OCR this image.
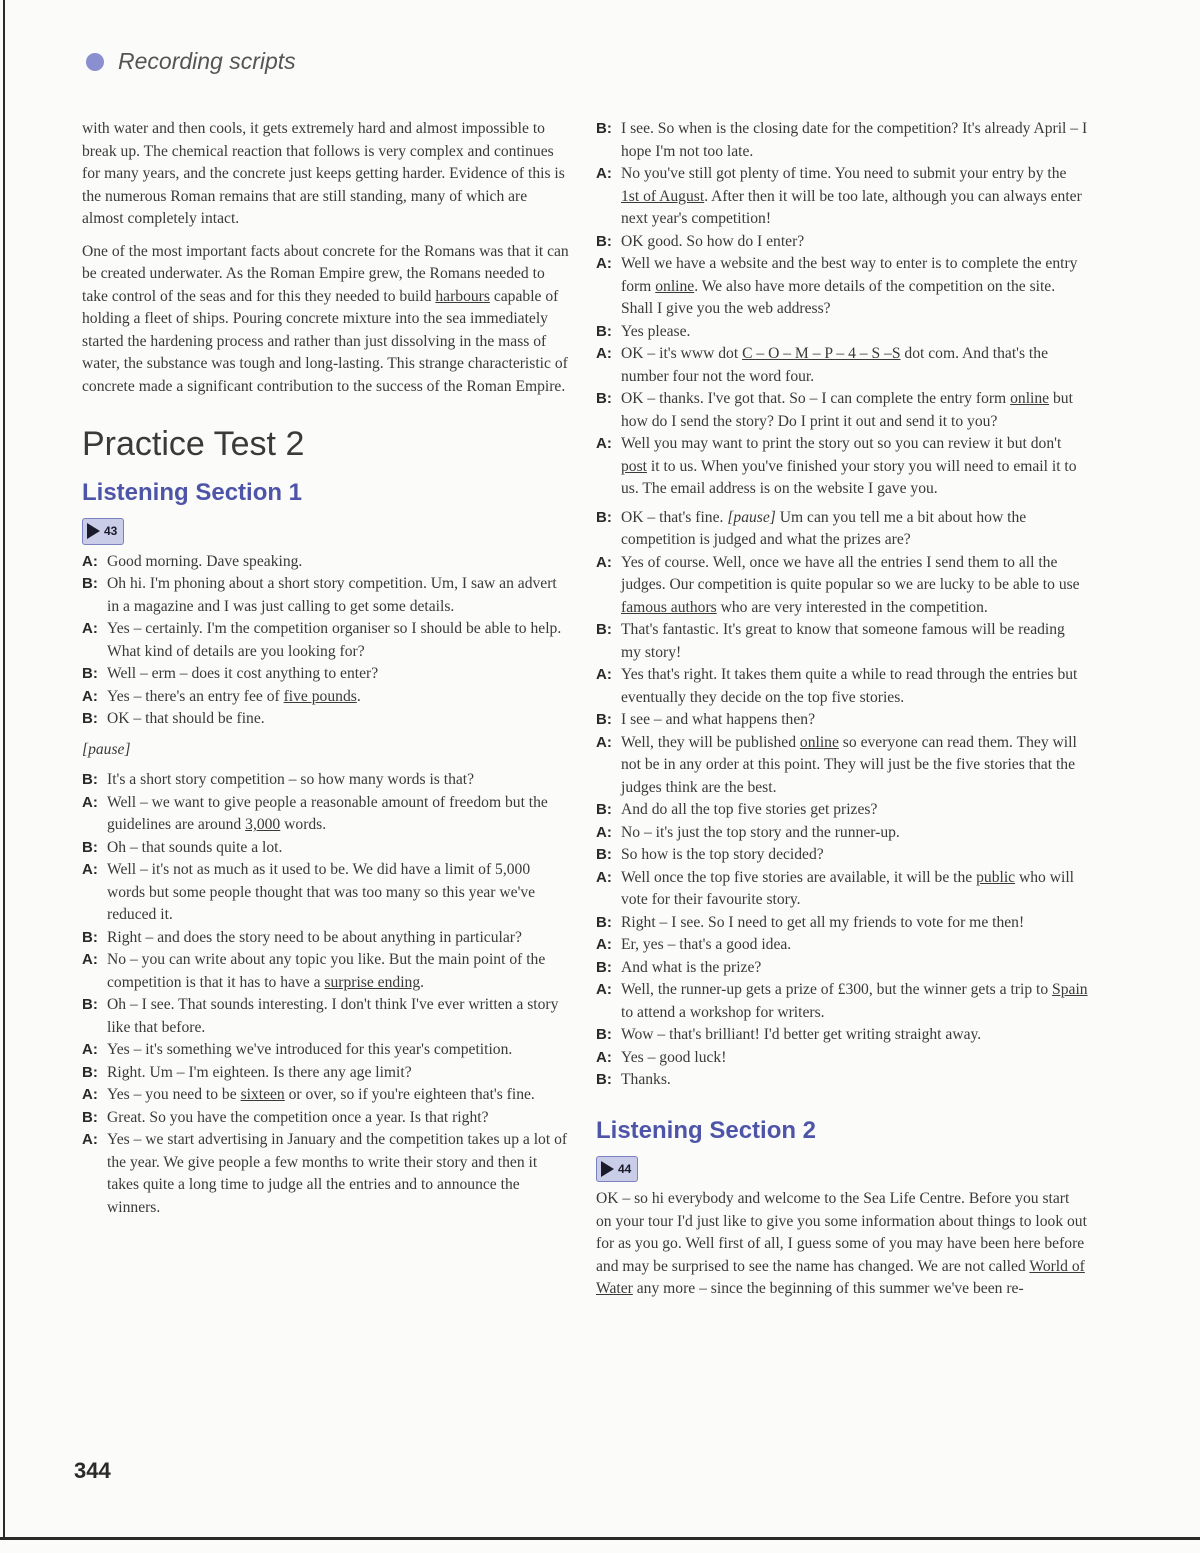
Recording scripts

with water and then cools, it gets extremely hard and almost impossible to break up. The chemical reaction that follows is very complex and continues for many years, and the concrete just keeps getting harder. Evidence of this is the numerous Roman remains that are still standing, many of which are almost completely intact.

One of the most important facts about concrete for the Romans was that it can be created underwater. As the Roman Empire grew, the Romans needed to take control of the seas and for this they needed to build harbours capable of holding a fleet of ships. Pouring concrete mixture into the sea immediately started the hardening process and rather than just dissolving in the mass of water, the substance was tough and long-lasting. This strange characteristic of concrete made a significant contribution to the success of the Roman Empire.

Practice Test 2
Listening Section 1
43

A: Good morning. Dave speaking.

B: Oh hi. I'm phoning about a short story competition. Um, I saw an advert in a magazine and I was just calling to get some details.

A: Yes – certainly. I'm the competition organiser so I should be able to help. What kind of details are you looking for?

B: Well – erm – does it cost anything to enter?

A: Yes – there's an entry fee of five pounds.

B: OK – that should be fine.

[pause]

B: It's a short story competition – so how many words is that?

A: Well – we want to give people a reasonable amount of freedom but the guidelines are around 3,000 words.

B: Oh – that sounds quite a lot.

A: Well – it's not as much as it used to be. We did have a limit of 5,000 words but some people thought that was too many so this year we've reduced it.

B: Right – and does the story need to be about anything in particular?

A: No – you can write about any topic you like. But the main point of the competition is that it has to have a surprise ending.

B: Oh – I see. That sounds interesting. I don't think I've ever written a story like that before.

A: Yes – it's something we've introduced for this year's competition.

B: Right. Um – I'm eighteen. Is there any age limit?

A: Yes – you need to be sixteen or over, so if you're eighteen that's fine.

B: Great. So you have the competition once a year. Is that right?

A: Yes – we start advertising in January and the competition takes up a lot of the year. We give people a few months to write their story and then it takes quite a long time to judge all the entries and to announce the winners.

B: I see. So when is the closing date for the competition? It's already April – I hope I'm not too late.

A: No you've still got plenty of time. You need to submit your entry by the 1st of August. After then it will be too late, although you can always enter next year's competition!

B: OK good. So how do I enter?

A: Well we have a website and the best way to enter is to complete the entry form online. We also have more details of the competition on the site. Shall I give you the web address?

B: Yes please.

A: OK – it's www dot C – O – M – P – 4 – S –S dot com. And that's the number four not the word four.

B: OK – thanks. I've got that. So – I can complete the entry form online but how do I send the story? Do I print it out and send it to you?

A: Well you may want to print the story out so you can review it but don't post it to us. When you've finished your story you will need to email it to us. The email address is on the website I gave you.

B: OK – that's fine. [pause] Um can you tell me a bit about how the competition is judged and what the prizes are?

A: Yes of course. Well, once we have all the entries I send them to all the judges. Our competition is quite popular so we are lucky to be able to use famous authors who are very interested in the competition.

B: That's fantastic. It's great to know that someone famous will be reading my story!

A: Yes that's right. It takes them quite a while to read through the entries but eventually they decide on the top five stories.

B: I see – and what happens then?

A: Well, they will be published online so everyone can read them. They will not be in any order at this point. They will just be the five stories that the judges think are the best.

B: And do all the top five stories get prizes?

A: No – it's just the top story and the runner-up.

B: So how is the top story decided?

A: Well once the top five stories are available, it will be the public who will vote for their favourite story.

B: Right – I see. So I need to get all my friends to vote for me then!

A: Er, yes – that's a good idea.

B: And what is the prize?

A: Well, the runner-up gets a prize of £300, but the winner gets a trip to Spain to attend a workshop for writers.

B: Wow – that's brilliant! I'd better get writing straight away.

A: Yes – good luck!

B: Thanks.

Listening Section 2
44

OK – so hi everybody and welcome to the Sea Life Centre. Before you start on your tour I'd just like to give you some information about things to look out for as you go. Well first of all, I guess some of you may have been here before and may be surprised to see the name has changed. We are not called World of Water any more – since the beginning of this summer we've been re-

344
